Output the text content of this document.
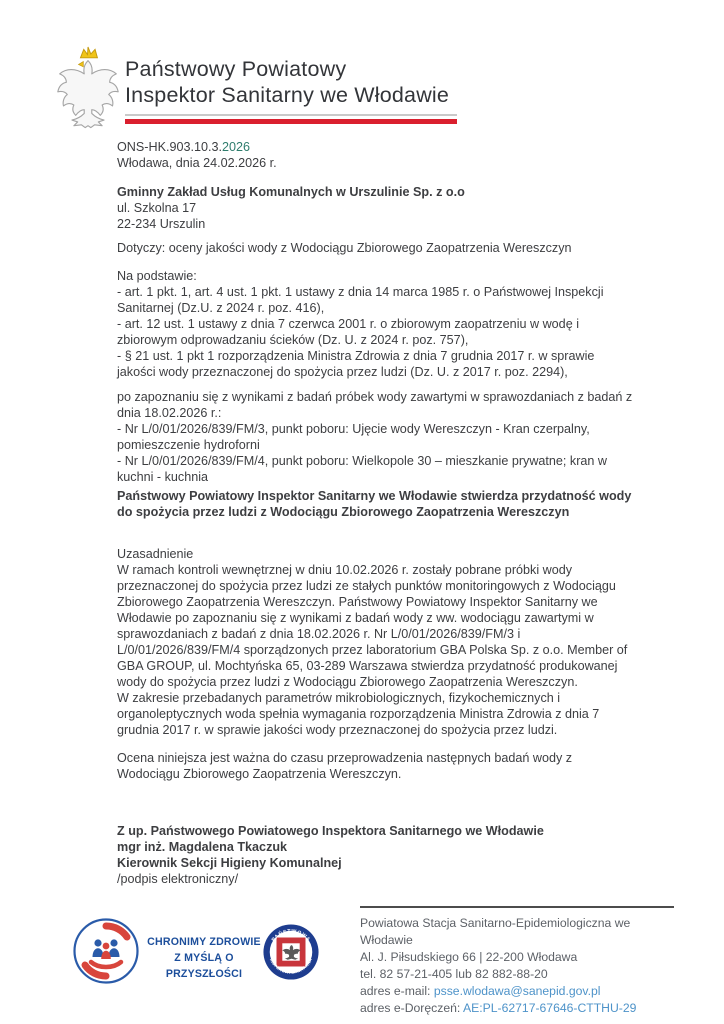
Państwowy Powiatowy
Inspektor Sanitarny we Włodawie
ONS-HK.903.10.3.2026
Włodawa, dnia 24.02.2026 r.
Gminny Zakład Usług Komunalnych w Urszulinie Sp. z o.o
ul. Szkolna 17
22-234 Urszulin
Dotyczy: oceny jakości wody z Wodociągu Zbiorowego Zaopatrzenia Wereszczyn
Na podstawie:
- art. 1 pkt. 1, art. 4 ust. 1 pkt. 1 ustawy z dnia 14 marca 1985 r. o Państwowej Inspekcji Sanitarnej (Dz.U. z 2024 r. poz. 416),
- art. 12 ust. 1 ustawy z dnia 7 czerwca 2001 r. o zbiorowym zaopatrzeniu w wodę i zbiorowym odprowadzaniu ścieków (Dz. U. z 2024 r. poz. 757),
- § 21 ust. 1 pkt 1 rozporządzenia Ministra Zdrowia z dnia 7 grudnia 2017 r. w sprawie jakości wody przeznaczonej do spożycia przez ludzi (Dz. U. z 2017 r. poz. 2294),
po zapoznaniu się z wynikami z badań próbek wody zawartymi w sprawozdaniach z badań z dnia 18.02.2026 r.:
- Nr L/0/01/2026/839/FM/3, punkt poboru: Ujęcie wody Wereszczyn - Kran czerpalny, pomieszczenie hydroforni
- Nr L/0/01/2026/839/FM/4, punkt poboru: Wielkopole 30 – mieszkanie prywatne; kran w kuchni - kuchnia
Państwowy Powiatowy Inspektor Sanitarny we Włodawie stwierdza przydatność wody do spożycia przez ludzi z Wodociągu Zbiorowego Zaopatrzenia Wereszczyn
Uzasadnienie
W ramach kontroli wewnętrznej w dniu 10.02.2026 r. zostały pobrane próbki wody przeznaczonej do spożycia przez ludzi ze stałych punktów monitoringowych z Wodociągu Zbiorowego Zaopatrzenia Wereszczyn. Państwowy Powiatowy Inspektor Sanitarny we Włodawie po zapoznaniu się z wynikami z badań wody z ww. wodociągu zawartymi w sprawozdaniach z badań z dnia 18.02.2026 r. Nr L/0/01/2026/839/FM/3 i L/0/01/2026/839/FM/4 sporządzonych przez laboratorium GBA Polska Sp. z o.o. Member of GBA GROUP, ul. Mochtyńska 65, 03-289 Warszawa stwierdza przydatność produkowanej wody do spożycia przez ludzi z Wodociągu Zbiorowego Zaopatrzenia Wereszczyn.
W zakresie przebadanych parametrów mikrobiologicznych, fizykochemicznych i organoleptycznych woda spełnia wymagania rozporządzenia Ministra Zdrowia z dnia 7 grudnia 2017 r. w sprawie jakości wody przeznaczonej do spożycia przez ludzi.
Ocena niniejsza jest ważna do czasu przeprowadzenia następnych badań wody z Wodociągu Zbiorowego Zaopatrzenia Wereszczyn.
Z up. Państwowego Powiatowego Inspektora Sanitarnego we Włodawie
mgr inż. Magdalena Tkaczuk
Kierownik Sekcji Higieny Komunalnej
/podpis elektroniczny/
CHRONIMY ZDROWIE
Z MYŚLĄ O PRZYSZŁOŚCI
PAŃSTWOWA
INSPEKCJA SANITARNA
Powiatowa Stacja Sanitarno-Epidemiologiczna we Włodawie
Al. J. Piłsudskiego 66 | 22-200 Włodawa
tel. 82 57-21-405 lub 82 882-88-20
adres e-mail: psse.wlodawa@sanepid.gov.pl
adres e-Doręczeń: AE:PL-62717-67646-CTTHU-29
